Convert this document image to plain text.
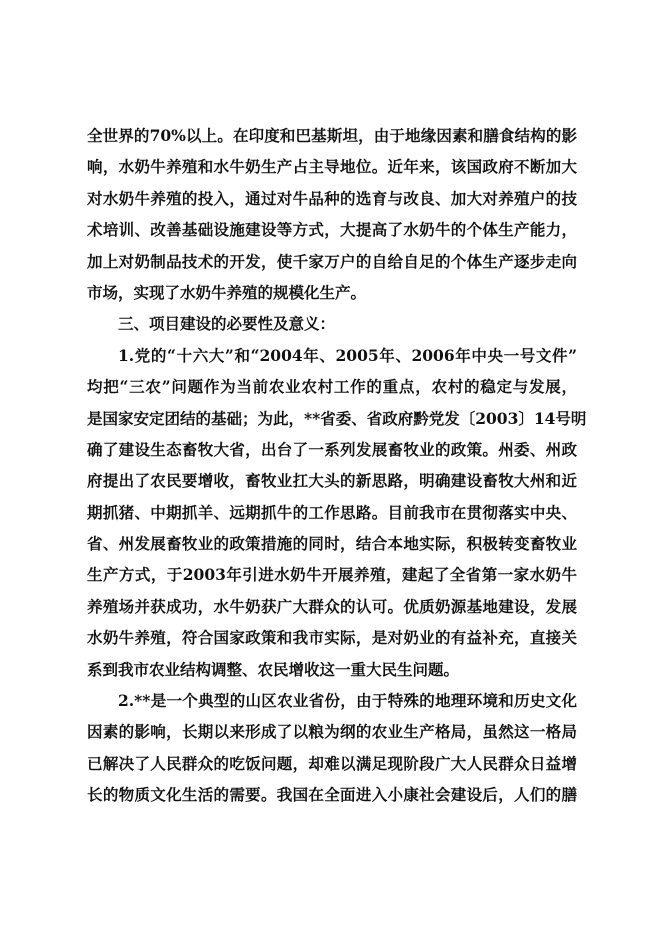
全世界的70%以上。在印度和巴基斯坦，由于地缘因素和膳食结构的影
响，水奶牛养殖和水牛奶生产占主导地位。近年来，该国政府不断加大
对水奶牛养殖的投入，通过对牛品种的选育与改良、加大对养殖户的技
术培训、改善基础设施建设等方式，大提高了水奶牛的个体生产能力，
加上对奶制品技术的开发，使千家万户的自给自足的个体生产逐步走向
市场，实现了水奶牛养殖的规模化生产。
三、项目建设的必要性及意义：
1.党的“十六大”和“2004年、2005年、2006年中央一号文件”
均把“三农”问题作为当前农业农村工作的重点，农村的稳定与发展，
是国家安定团结的基础；为此，**省委、省政府黔党发〔2003〕14号明
确了建设生态畜牧大省，出台了一系列发展畜牧业的政策。州委、州政
府提出了农民要增收，畜牧业扛大头的新思路，明确建设畜牧大州和近
期抓猪、中期抓羊、远期抓牛的工作思路。目前我市在贯彻落实中央、
省、州发展畜牧业的政策措施的同时，结合本地实际，积极转变畜牧业
生产方式，于2003年引进水奶牛开展养殖，建起了全省第一家水奶牛
养殖场并获成功，水牛奶获广大群众的认可。优质奶源基地建设，发展
水奶牛养殖，符合国家政策和我市实际，是对奶业的有益补充，直接关
系到我市农业结构调整、农民增收这一重大民生问题。
2.**是一个典型的山区农业省份，由于特殊的地理环境和历史文化
因素的影响，长期以来形成了以粮为纲的农业生产格局，虽然这一格局
已解决了人民群众的吃饭问题，却难以满足现阶段广大人民群众日益增
长的物质文化生活的需要。我国在全面进入小康社会建设后，人们的膳
